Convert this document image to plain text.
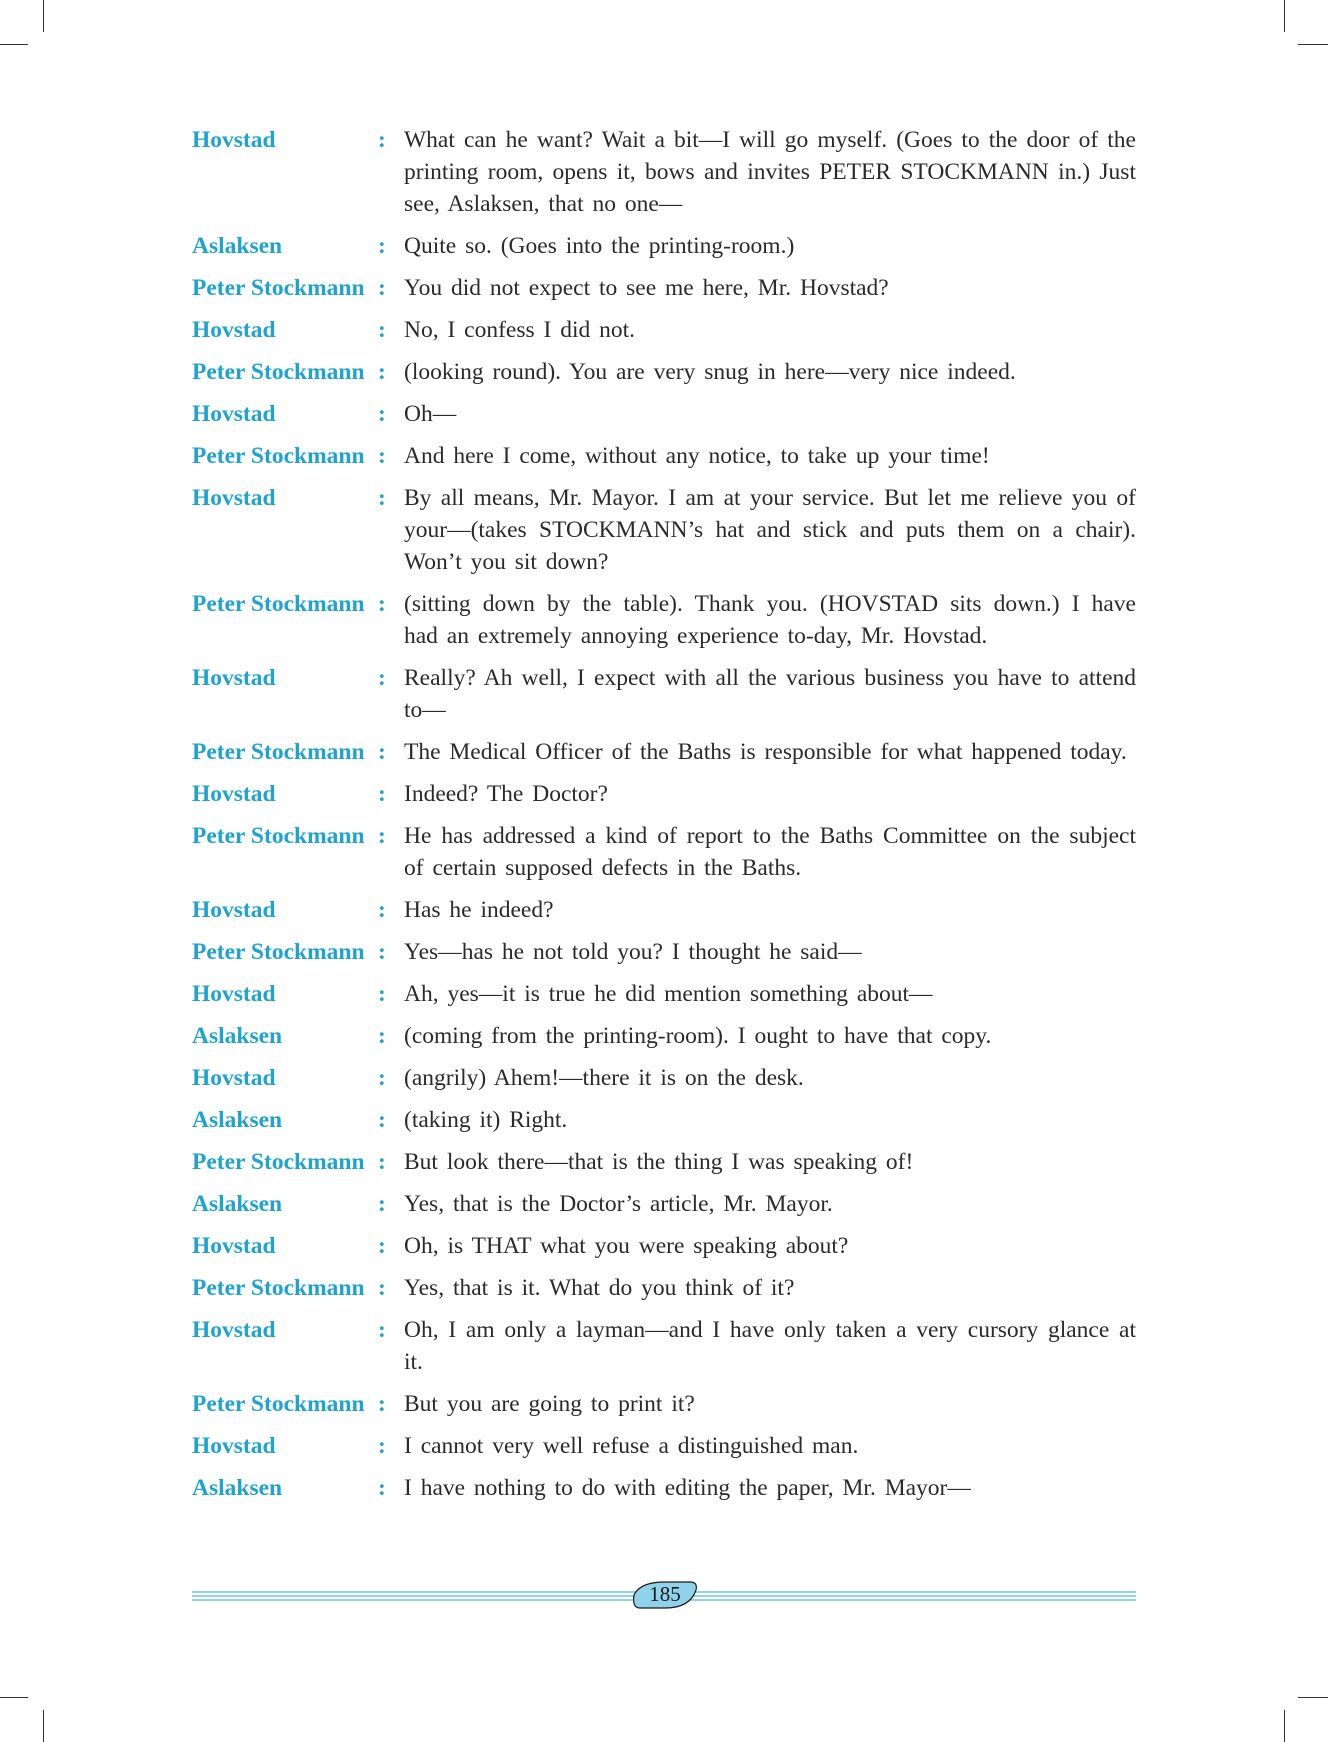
Hovstad	: What can he want? Wait a bit—I will go myself. (Goes to the door of the printing room, opens it, bows and invites PETER STOCKMANN in.) Just see, Aslaksen, that no one—
Aslaksen	: Quite so. (Goes into the printing-room.)
Peter Stockmann : You did not expect to see me here, Mr. Hovstad?
Hovstad	: No, I confess I did not.
Peter Stockmann : (looking round). You are very snug in here—very nice indeed.
Hovstad	: Oh—
Peter Stockmann : And here I come, without any notice, to take up your time!
Hovstad	: By all means, Mr. Mayor. I am at your service. But let me relieve you of your—(takes STOCKMANN’s hat and stick and puts them on a chair). Won’t you sit down?
Peter Stockmann : (sitting down by the table). Thank you. (HOVSTAD sits down.) I have had an extremely annoying experience to-day, Mr. Hovstad.
Hovstad	: Really? Ah well, I expect with all the various business you have to attend to—
Peter Stockmann : The Medical Officer of the Baths is responsible for what happened today.
Hovstad	: Indeed? The Doctor?
Peter Stockmann : He has addressed a kind of report to the Baths Committee on the subject of certain supposed defects in the Baths.
Hovstad	: Has he indeed?
Peter Stockmann : Yes—has he not told you? I thought he said—
Hovstad	: Ah, yes—it is true he did mention something about—
Aslaksen	: (coming from the printing-room). I ought to have that copy.
Hovstad	: (angrily) Ahem!—there it is on the desk.
Aslaksen	: (taking it) Right.
Peter Stockmann : But look there—that is the thing I was speaking of!
Aslaksen	: Yes, that is the Doctor’s article, Mr. Mayor.
Hovstad	: Oh, is THAT what you were speaking about?
Peter Stockmann : Yes, that is it. What do you think of it?
Hovstad	: Oh, I am only a layman—and I have only taken a very cursory glance at it.
Peter Stockmann : But you are going to print it?
Hovstad	: I cannot very well refuse a distinguished man.
Aslaksen	: I have nothing to do with editing the paper, Mr. Mayor—
185
